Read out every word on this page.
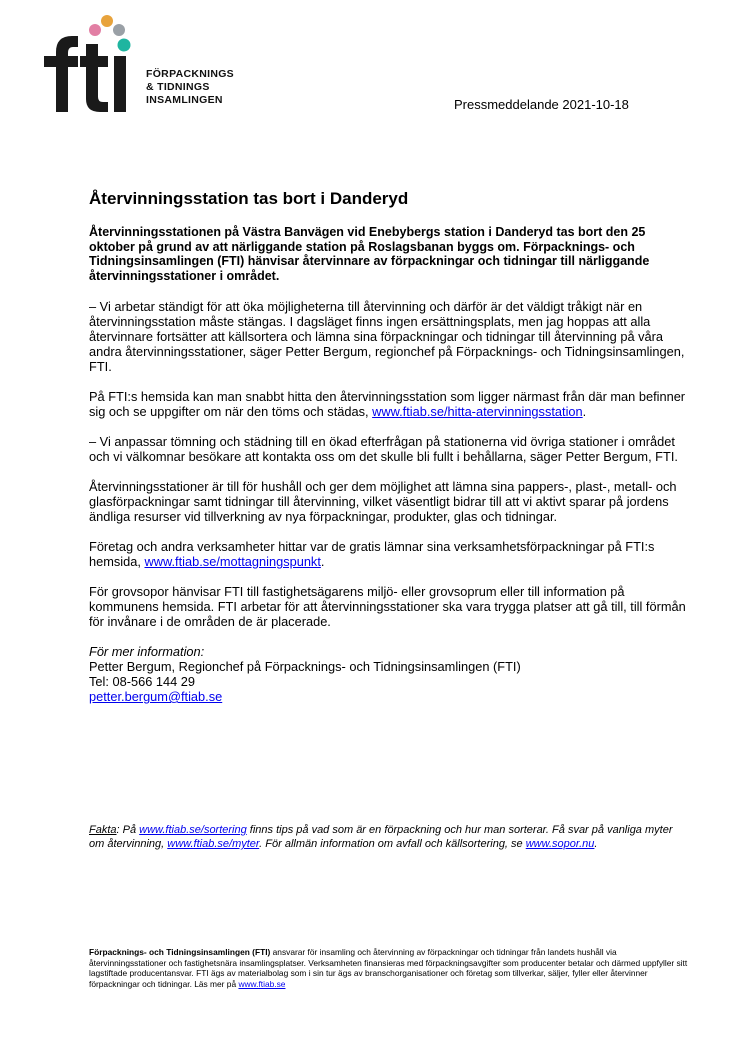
FÖRPACKNINGS
& TIDNINGS
INSAMLINGEN	Pressmeddelande 2021-10-18
Återvinningsstation tas bort i Danderyd

Återvinningsstationen på Västra Banvägen vid Enebybergs station i Danderyd tas bort den 25 oktober på grund av att närliggande station på Roslagsbanan byggs om. Förpacknings- och Tidningsinsamlingen (FTI) hänvisar återvinnare av förpackningar och tidningar till närliggande återvinningsstationer i området.

– Vi arbetar ständigt för att öka möjligheterna till återvinning och därför är det väldigt tråkigt när en återvinningsstation måste stängas. I dagsläget finns ingen ersättningsplats, men jag hoppas att alla återvinnare fortsätter att källsortera och lämna sina förpackningar och tidningar till återvinning på våra andra återvinningsstationer, säger Petter Bergum, regionchef på Förpacknings- och Tidningsinsamlingen, FTI.

På FTI:s hemsida kan man snabbt hitta den återvinningsstation som ligger närmast från där man befinner sig och se uppgifter om när den töms och städas, www.ftiab.se/hitta-atervinningsstation.

– Vi anpassar tömning och städning till en ökad efterfrågan på stationerna vid övriga stationer i området och vi välkomnar besökare att kontakta oss om det skulle bli fullt i behållarna, säger Petter Bergum, FTI.

Återvinningsstationer är till för hushåll och ger dem möjlighet att lämna sina pappers-, plast-, metall- och glasförpackningar samt tidningar till återvinning, vilket väsentligt bidrar till att vi aktivt sparar på jordens ändliga resurser vid tillverkning av nya förpackningar, produkter, glas och tidningar.

Företag och andra verksamheter hittar var de gratis lämnar sina verksamhetsförpackningar på FTI:s hemsida, www.ftiab.se/mottagningspunkt.

För grovsopor hänvisar FTI till fastighetsägarens miljö- eller grovsoprum eller till information på kommunens hemsida. FTI arbetar för att återvinningsstationer ska vara trygga platser att gå till, till förmån för invånare i de områden de är placerade.

För mer information:
Petter Bergum, Regionchef på Förpacknings- och Tidningsinsamlingen (FTI)
Tel: 08-566 144 29
petter.bergum@ftiab.se
Fakta: På www.ftiab.se/sortering finns tips på vad som är en förpackning och hur man sorterar. Få svar på vanliga myter om återvinning, www.ftiab.se/myter. För allmän information om avfall och källsortering, se www.sopor.nu.
Förpacknings- och Tidningsinsamlingen (FTI) ansvarar för insamling och återvinning av förpackningar och tidningar från landets hushåll via återvinningsstationer och fastighetsnära insamlingsplatser. Verksamheten finansieras med förpackningsavgifter som producenter betalar och därmed uppfyller sitt lagstiftade producentansvar. FTI ägs av materialbolag som i sin tur ägs av branschorganisationer och företag som tillverkar, säljer, fyller eller återvinner förpackningar och tidningar. Läs mer på www.ftiab.se
